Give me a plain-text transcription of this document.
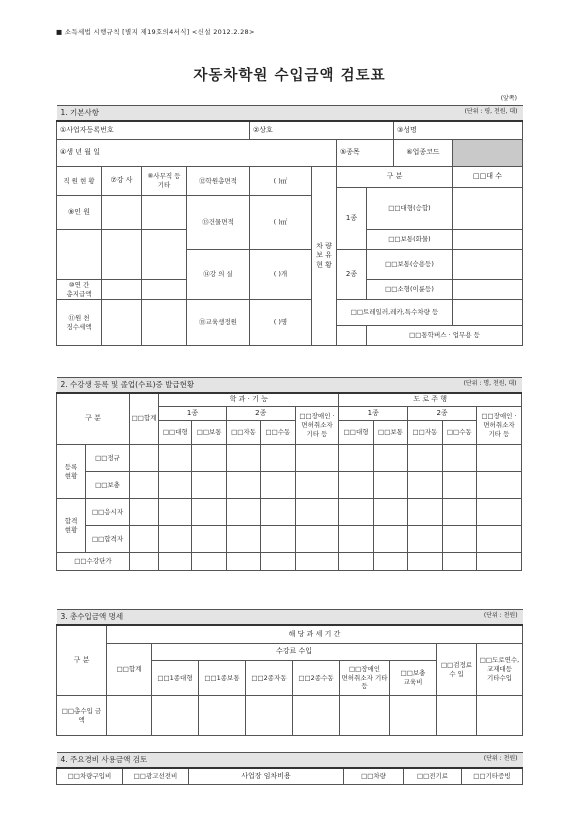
■ 소득세법 시행규칙 [별지 제19호의4서식] <신설 2012.2.28>
자동차학원 수입금액 검토표
(앞쪽)
1. 기본사항 (단위 : 평, 천원, 대)										

①사업자등록번호				②상호				③성명		
④생 년 월 일						⑤종목		⑥업종코드		
직 원 현 황	⑦강 사	⑧사무직 등 기타	⑫학원총면적	( )㎡	차 량 보 유 현 황	구 분			□□대 수	
						1종	□□대형(승합)			
⑨인 원			⑬건물면적	( )㎡						
							□□보통(화물)			
			⑭강 의 실	( )개		2종	□□보통(승용등)			
⑩연 간 총지급액							□□소형(이륜등)			
⑪원 천 징수세액			⑮교육생정원	( )명		□□트레일러,레카,특수차량 등				
							□□통학버스 · 업무용 등			
2. 수강생 등록 및 졸업(수료)증 발급현황 (단위 : 명, 천원, 대)												

구 분		□□합계	학 과 · 기 능					도 로 주 행				
			1종		2종		□□장애인 · 면허취소자 기타 등	1종		2종		□□장애인 · 면허취소자 기타 등
			□□대형	□□보통	□□자동	□□수동		□□대형	□□보통	□□자동	□□수동	
등록 현황	□□정규											
	□□보충											
합격 현황	□□응시자											
	□□합격자											
□□수강단가												
3. 총수입금액 명세 (단위 : 천원)									

구 분	해 당 과 세 기 간								
	□□합계	수강료 수입						□□검정료 수 입	□□도로연수, 교재대등 기타수입
		□□1종대형	□□1종보통	□□2종자동	□□2종수동	□□장애인 면허취소자 기타 등	□□보충 교육비		
□□총수입 금 액									
4. 주요경비 사용금액 검토	(단위 : 천원)

□□차량구입비	□□광고선전비	사업장 임차비용	□□차량	□□전기료	□□기타증빙
